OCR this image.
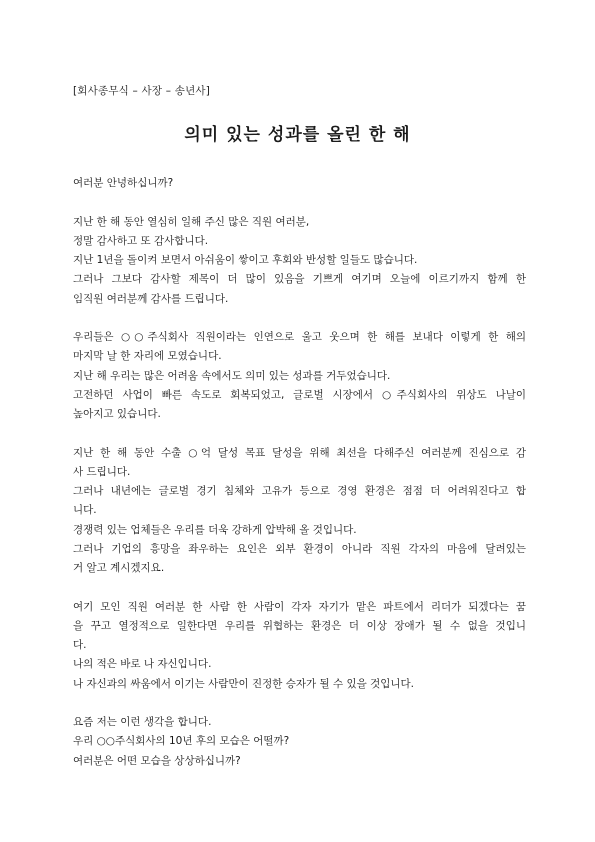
[회사종무식 – 사장 – 송년사]
의미 있는 성과를 올린 한 해
여러분 안녕하십니까?
지난 한 해 동안 열심히 일해 주신 많은 직원 여러분,
정말 감사하고 또 감사합니다.
지난 1년을 돌이켜 보면서 아쉬움이 쌓이고 후회와 반성할 일들도 많습니다.
그러나 그보다 감사할 제목이 더 많이 있음을 기쁘게 여기며 오늘에 이르기까지 함께 한
임직원 여러분께 감사를 드립니다.
우리들은 ○○주식회사 직원이라는 인연으로 울고 웃으며 한 해를 보내다 이렇게 한 해의
마지막 날 한 자리에 모였습니다.
지난 해 우리는 많은 어려움 속에서도 의미 있는 성과를 거두었습니다.
고전하던 사업이 빠른 속도로 회복되었고, 글로벌 시장에서 ○주식회사의 위상도 나날이
높아지고 있습니다.
지난 한 해 동안 수출 ○억 달성 목표 달성을 위해 최선을 다해주신 여러분께 진심으로 감
사 드립니다.
그러나 내년에는 글로벌 경기 침체와 고유가 등으로 경영 환경은 점점 더 어려워진다고 합
니다.
경쟁력 있는 업체들은 우리를 더욱 강하게 압박해 올 것입니다.
그러나 기업의 흥망을 좌우하는 요인은 외부 환경이 아니라 직원 각자의 마음에 달려있는
거 알고 계시겠지요.
여기 모인 직원 여러분 한 사람 한 사람이 각자 자기가 맡은 파트에서 리더가 되겠다는 꿈
을 꾸고 열정적으로 일한다면 우리를 위협하는 환경은 더 이상 장애가 될 수 없을 것입니
다.
나의 적은 바로 나 자신입니다.
나 자신과의 싸움에서 이기는 사람만이 진정한 승자가 될 수 있을 것입니다.
요즘 저는 이런 생각을 합니다.
우리 ○○주식회사의 10년 후의 모습은 어떨까?
여러분은 어떤 모습을 상상하십니까?
